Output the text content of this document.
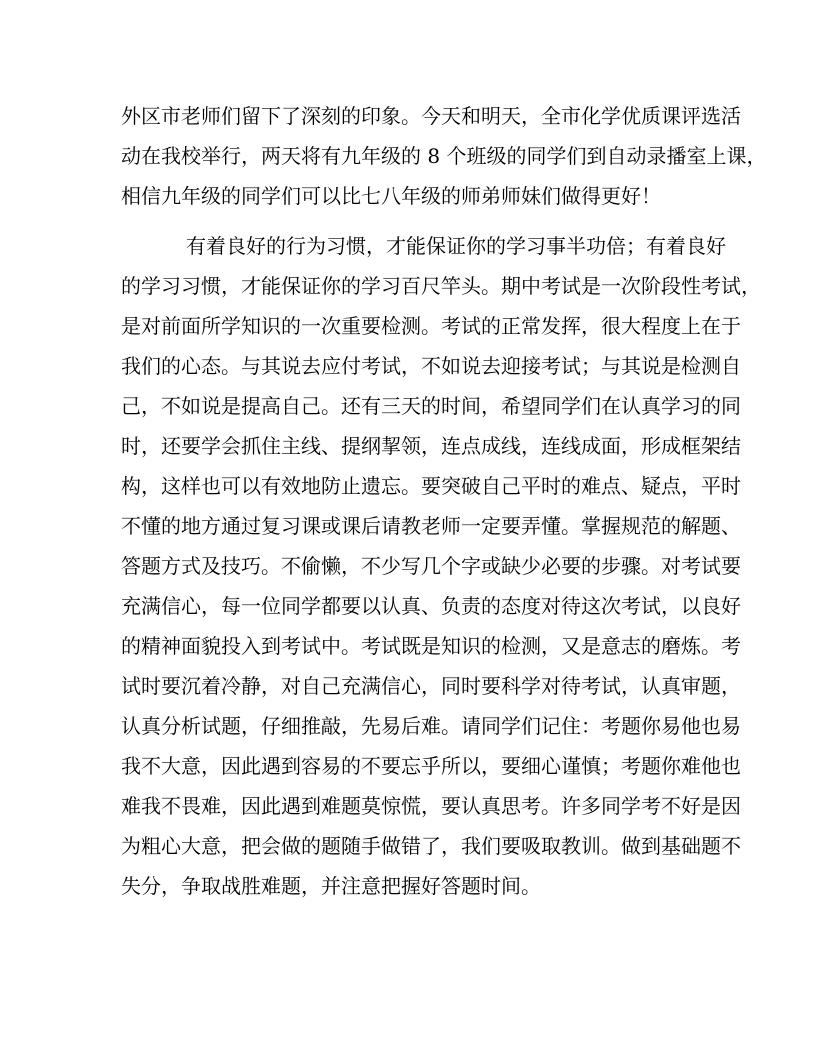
外区市老师们留下了深刻的印象。今天和明天，全市化学优质课评选活
动在我校举行，两天将有九年级的 8 个班级的同学们到自动录播室上课，
相信九年级的同学们可以比七八年级的师弟师妹们做得更好！
有着良好的行为习惯，才能保证你的学习事半功倍；有着良好
的学习习惯，才能保证你的学习百尺竿头。期中考试是一次阶段性考试，
是对前面所学知识的一次重要检测。考试的正常发挥，很大程度上在于
我们的心态。与其说去应付考试，不如说去迎接考试；与其说是检测自
己，不如说是提高自己。还有三天的时间，希望同学们在认真学习的同
时，还要学会抓住主线、提纲挈领，连点成线，连线成面，形成框架结
构，这样也可以有效地防止遗忘。要突破自己平时的难点、疑点，平时
不懂的地方通过复习课或课后请教老师一定要弄懂。掌握规范的解题、
答题方式及技巧。不偷懒，不少写几个字或缺少必要的步骤。对考试要
充满信心，每一位同学都要以认真、负责的态度对待这次考试，以良好
的精神面貌投入到考试中。考试既是知识的检测，又是意志的磨炼。考
试时要沉着冷静，对自己充满信心，同时要科学对待考试，认真审题，
认真分析试题，仔细推敲，先易后难。请同学们记住：考题你易他也易
我不大意，因此遇到容易的不要忘乎所以，要细心谨慎；考题你难他也
难我不畏难，因此遇到难题莫惊慌，要认真思考。许多同学考不好是因
为粗心大意，把会做的题随手做错了，我们要吸取教训。做到基础题不
失分，争取战胜难题，并注意把握好答题时间。
